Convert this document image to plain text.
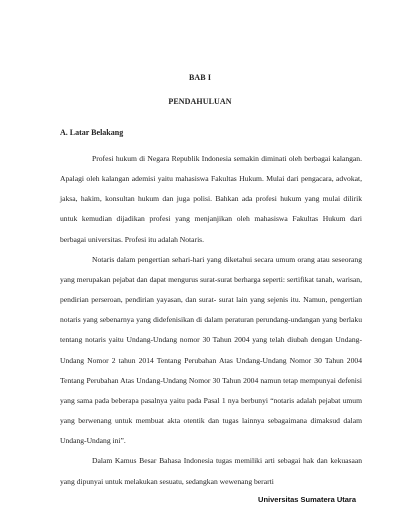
BAB I
PENDAHULUAN
A. Latar Belakang

Profesi hukum di Negara Republik Indonesia semakin diminati oleh berbagai kalangan. Apalagi oleh kalangan ademisi yaitu mahasiswa Fakultas Hukum. Mulai dari pengacara, advokat, jaksa, hakim, konsultan hukum dan juga polisi. Bahkan ada profesi hukum yang mulai dilirik untuk kemudian dijadikan profesi yang menjanjikan oleh mahasiswa Fakultas Hukum dari berbagai universitas. Profesi itu adalah Notaris.

Notaris dalam pengertian sehari-hari yang diketahui secara umum orang atau seseorang yang merupakan pejabat dan dapat mengurus surat-surat berharga seperti: sertifikat tanah, warisan, pendirian perseroan, pendirian yayasan, dan surat- surat lain yang sejenis itu. Namun, pengertian notaris yang sebenarnya yang didefenisikan di dalam peraturan perundang-undangan yang berlaku tentang notaris yaitu Undang-Undang nomor 30 Tahun 2004 yang telah diubah dengan Undang-Undang Nomor 2 tahun 2014 Tentang Perubahan Atas Undang-Undang Nomor 30 Tahun 2004 Tentang Perubahan Atas Undang-Undang Nomor 30 Tahun 2004 namun tetap mempunyai defenisi yang sama pada beberapa pasalnya yaitu pada Pasal 1 nya berbunyi “notaris adalah pejabat umum yang berwenang untuk membuat akta otentik dan tugas lainnya sebagaimana dimaksud dalam Undang-Undang ini”.

Dalam Kamus Besar Bahasa Indonesia tugas memiliki arti sebagai hak dan kekuasaan yang dipunyai untuk melakukan sesuatu, sedangkan wewenang berarti

Universitas Sumatera Utara
